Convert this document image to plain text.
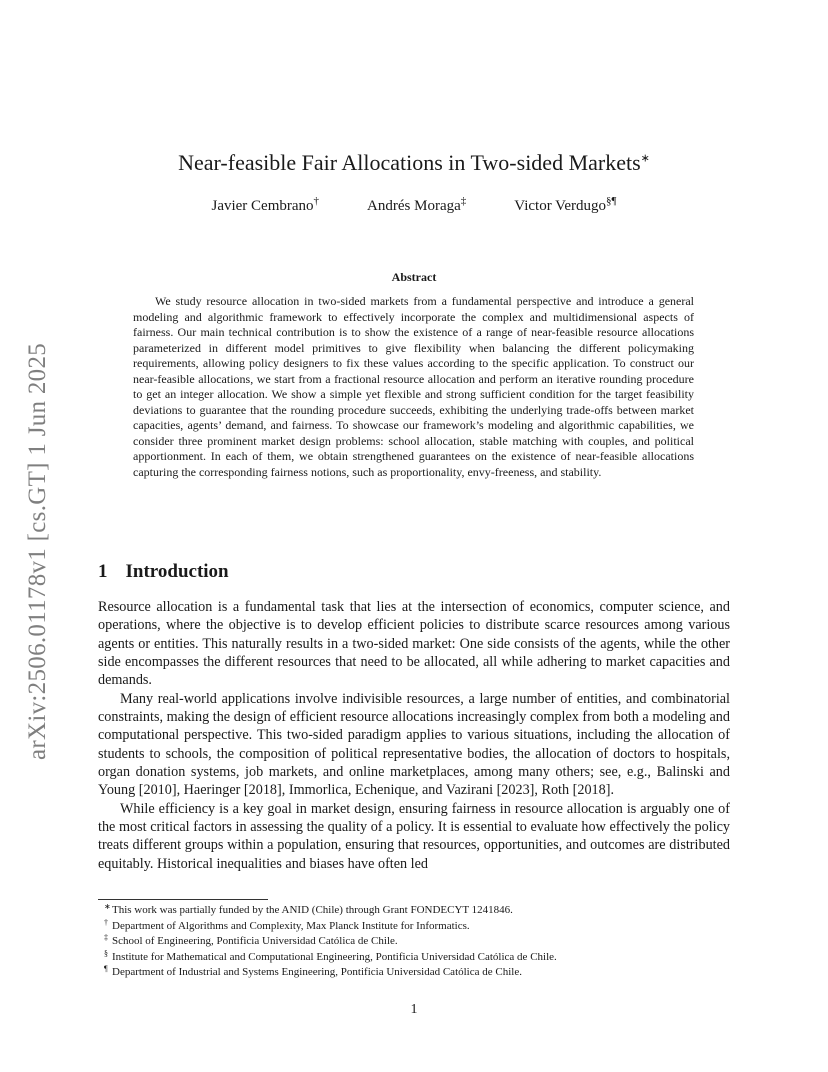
arXiv:2506.01178v1 [cs.GT] 1 Jun 2025
Near-feasible Fair Allocations in Two-sided Markets∗
Javier Cembrano†	Andrés Moraga‡	Victor Verdugo§¶
Abstract

We study resource allocation in two-sided markets from a fundamental perspective and introduce a general modeling and algorithmic framework to effectively incorporate the complex and multidimensional aspects of fairness. Our main technical contribution is to show the existence of a range of near-feasible resource allocations parameterized in different model primitives to give flexibility when balancing the different policymaking requirements, allowing policy designers to fix these values according to the specific application. To construct our near-feasible allocations, we start from a fractional resource allocation and perform an iterative rounding procedure to get an integer allocation. We show a simple yet flexible and strong sufficient condition for the target feasibility deviations to guarantee that the rounding procedure succeeds, exhibiting the underlying trade-offs between market capacities, agents’ demand, and fairness. To showcase our framework’s modeling and algorithmic capabilities, we consider three prominent market design problems: school allocation, stable matching with couples, and political apportionment. In each of them, we obtain strengthened guarantees on the existence of near-feasible allocations capturing the corresponding fairness notions, such as proportionality, envy-freeness, and stability.

1 Introduction

Resource allocation is a fundamental task that lies at the intersection of economics, computer science, and operations, where the objective is to develop efficient policies to distribute scarce resources among various agents or entities. This naturally results in a two-sided market: One side consists of the agents, while the other side encompasses the different resources that need to be allocated, all while adhering to market capacities and demands.

Many real-world applications involve indivisible resources, a large number of entities, and combinatorial constraints, making the design of efficient resource allocations increasingly complex from both a modeling and computational perspective. This two-sided paradigm applies to various situations, including the allocation of students to schools, the composition of political representative bodies, the allocation of doctors to hospitals, organ donation systems, job markets, and online marketplaces, among many others; see, e.g., Balinski and Young [2010], Haeringer [2018], Immorlica, Echenique, and Vazirani [2023], Roth [2018].

While efficiency is a key goal in market design, ensuring fairness in resource allocation is arguably one of the most critical factors in assessing the quality of a policy. It is essential to evaluate how effectively the policy treats different groups within a population, ensuring that resources, opportunities, and outcomes are distributed equitably. Historical inequalities and biases have often led

∗ This work was partially funded by the ANID (Chile) through Grant FONDECYT 1241846.
† Department of Algorithms and Complexity, Max Planck Institute for Informatics.
‡ School of Engineering, Pontificia Universidad Católica de Chile.
§ Institute for Mathematical and Computational Engineering, Pontificia Universidad Católica de Chile.
¶ Department of Industrial and Systems Engineering, Pontificia Universidad Católica de Chile.
1
